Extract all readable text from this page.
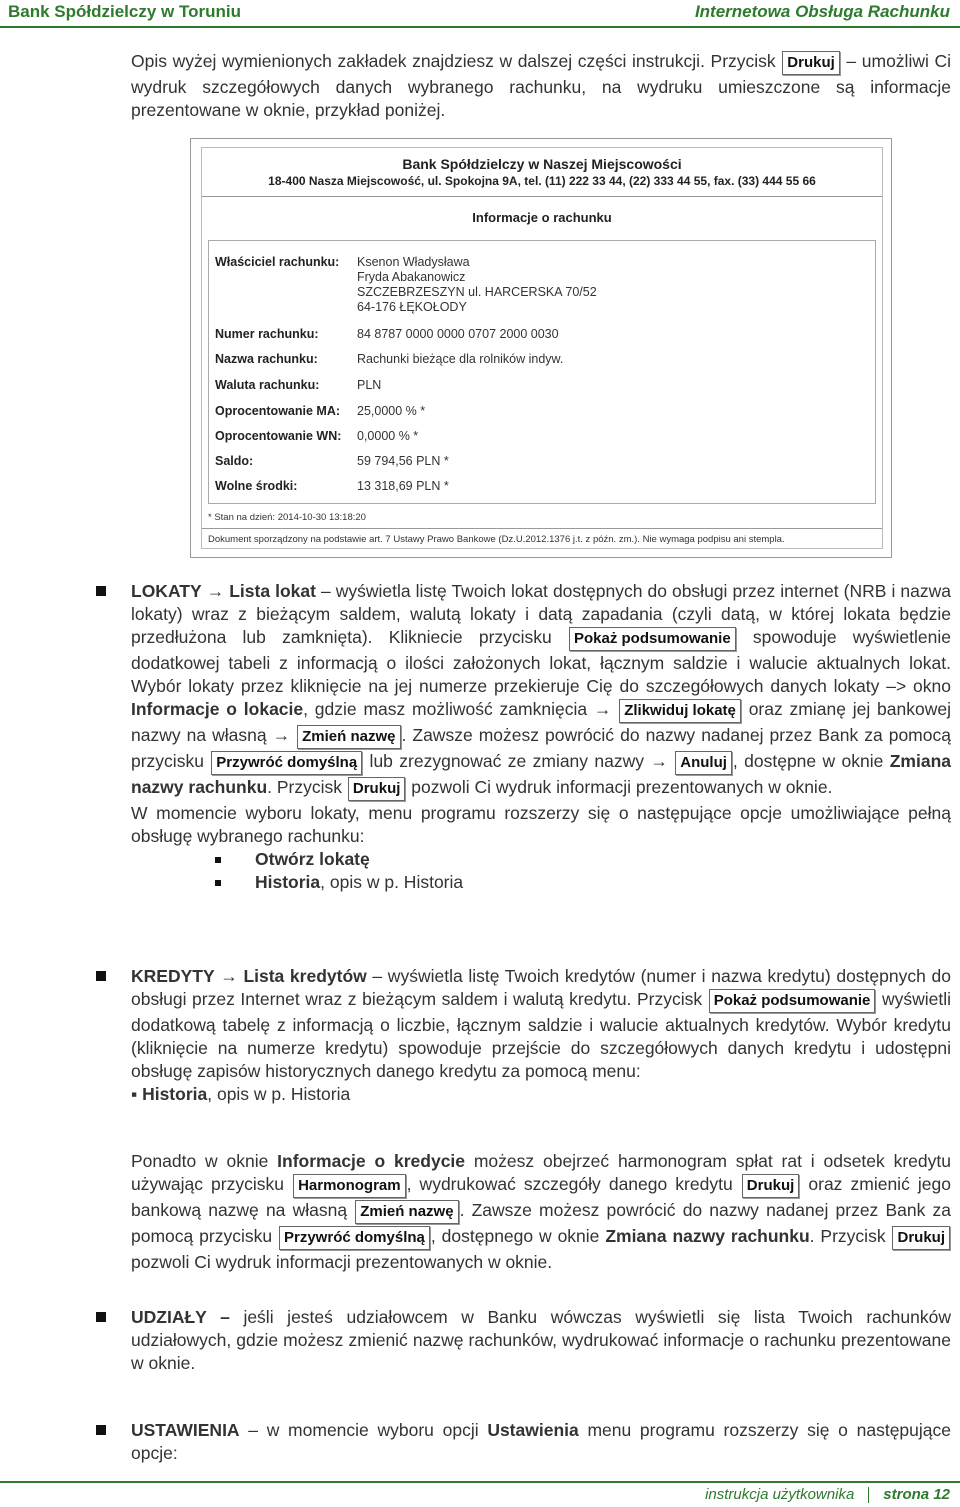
Bank Spółdzielczy w Toruniu	Internetowa Obsługa Rachunku
Opis wyżej wymienionych zakładek znajdziesz w dalszej części instrukcji. Przycisk Drukuj – umożliwi Ci wydruk szczegółowych danych wybranego rachunku, na wydruku umieszczone są informacje prezentowane w oknie, przykład poniżej.
Bank Spółdzielczy w Naszej Miejscowości
18-400 Nasza Miejscowość, ul. Spokojna 9A, tel. (11) 222 33 44, (22) 333 44 55, fax. (33) 444 55 66
Informacje o rachunku
Właściciel rachunku:	Ksenon Władysława
Fryda Abakanowicz
SZCZEBRZESZYN ul. HARCERSKA 70/52
64-176 ŁĘKOŁODY
Numer rachunku:	84 8787 0000 0000 0707 2000 0030
Nazwa rachunku:	Rachunki bieżące dla rolników indyw.
Waluta rachunku:	PLN
Oprocentowanie MA:	25,0000 % *
Oprocentowanie WN:	0,0000 % *
Saldo:	59 794,56 PLN *
Wolne środki:	13 318,69 PLN *
* Stan na dzień: 2014-10-30 13:18:20
Dokument sporządzony na podstawie art. 7 Ustawy Prawo Bankowe (Dz.U.2012.1376 j.t. z późn. zm.). Nie wymaga podpisu ani stempla.
LOKATY → Lista lokat – wyświetla listę Twoich lokat dostępnych do obsługi przez internet (NRB i nazwa lokaty) wraz z bieżącym saldem, walutą lokaty i datą zapadania (czyli datą, w której lokata będzie przedłużona lub zamknięta). Klikniecie przycisku Pokaż podsumowanie spowoduje wyświetlenie dodatkowej tabeli z informacją o ilości założonych lokat, łącznym saldzie i walucie aktualnych lokat. Wybór lokaty przez kliknięcie na jej numerze przekieruje Cię do szczegółowych danych lokaty –> okno Informacje o lokacie, gdzie masz możliwość zamknięcia → Zlikwiduj lokatę oraz zmianę jej bankowej nazwy na własną → Zmień nazwę . Zawsze możesz powrócić do nazwy nadanej przez Bank za pomocą przycisku Przywróć domyślną lub zrezygnować ze zmiany nazwy → Anuluj , dostępne w oknie Zmiana nazwy rachunku. Przycisk Drukuj pozwoli Ci wydruk informacji prezentowanych w oknie.
W momencie wyboru lokaty, menu programu rozszerzy się o następujące opcje umożliwiające pełną obsługę wybranego rachunku:
Otwórz lokatę
Historia, opis w p. Historia
KREDYTY → Lista kredytów – wyświetla listę Twoich kredytów (numer i nazwa kredytu) dostępnych do obsługi przez Internet wraz z bieżącym saldem i walutą kredytu. Przycisk Pokaż podsumowanie wyświetli dodatkową tabelę z informacją o liczbie, łącznym saldzie i walucie aktualnych kredytów. Wybór kredytu (kliknięcie na numerze kredytu) spowoduje przejście do szczegółowych danych kredytu i udostępni obsługę zapisów historycznych danego kredytu za pomocą menu:
▪ Historia, opis w p. Historia
Ponadto w oknie Informacje o kredycie możesz obejrzeć harmonogram spłat rat i odsetek kredytu używając przycisku Harmonogram , wydrukować szczegóły danego kredytu Drukuj oraz zmienić jego bankową nazwę na własną Zmień nazwę . Zawsze możesz powrócić do nazwy nadanej przez Bank za pomocą przycisku Przywróć domyślną , dostępnego w oknie Zmiana nazwy rachunku. Przycisk Drukuj pozwoli Ci wydruk informacji prezentowanych w oknie.
UDZIAŁY – jeśli jesteś udziałowcem w Banku wówczas wyświetli się lista Twoich rachunków udziałowych, gdzie możesz zmienić nazwę rachunków, wydrukować informacje o rachunku prezentowane w oknie.
USTAWIENIA – w momencie wyboru opcji Ustawienia menu programu rozszerzy się o następujące opcje:
instrukcja użytkownika strona 12
